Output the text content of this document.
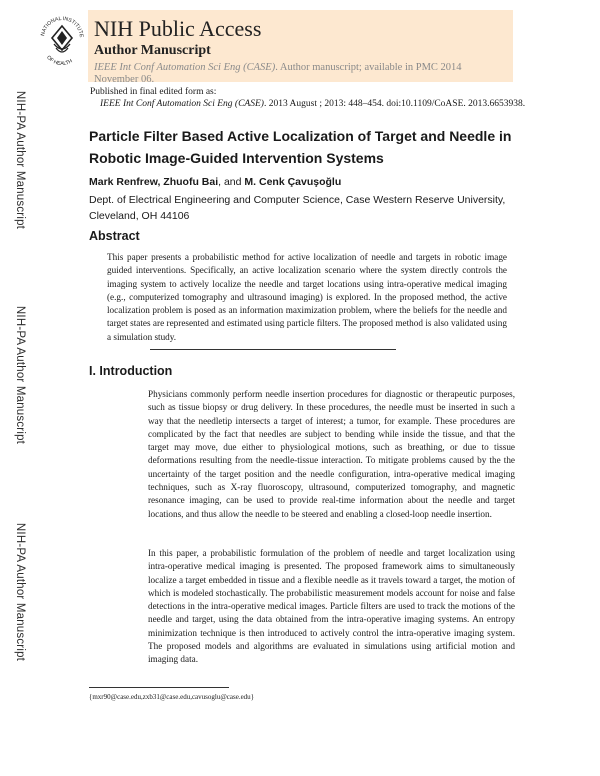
NIH-PA Author Manuscript
NIH-PA Author Manuscript
NIH-PA Author Manuscript
NATIONAL INSTITUTE
OF HEALTH
NIH Public Access
Author Manuscript
IEEE Int Conf Automation Sci Eng (CASE). Author manuscript; available in PMC 2014 November 06.
Published in final edited form as:
IEEE Int Conf Automation Sci Eng (CASE). 2013 August ; 2013: 448–454. doi:10.1109/CoASE. 2013.6653938.
Particle Filter Based Active Localization of Target and Needle in Robotic Image-Guided Intervention Systems
Mark Renfrew, Zhuofu Bai, and M. Cenk Çavuşoğlu
Dept. of Electrical Engineering and Computer Science, Case Western Reserve University, Cleveland, OH 44106
Abstract
This paper presents a probabilistic method for active localization of needle and targets in robotic image guided interventions. Specifically, an active localization scenario where the system directly controls the imaging system to actively localize the needle and target locations using intra-operative medical imaging (e.g., computerized tomography and ultrasound imaging) is explored. In the proposed method, the active localization problem is posed as an information maximization problem, where the beliefs for the needle and target states are represented and estimated using particle filters. The proposed method is also validated using a simulation study.
I. Introduction
Physicians commonly perform needle insertion procedures for diagnostic or therapeutic purposes, such as tissue biopsy or drug delivery. In these procedures, the needle must be inserted in such a way that the needletip intersects a target of interest; a tumor, for example. These procedures are complicated by the fact that needles are subject to bending while inside the tissue, and that the target may move, due either to physiological motions, such as breathing, or due to tissue deformations resulting from the needle-tissue interaction. To mitigate problems caused by the the uncertainty of the target position and the needle configuration, intra-operative medical imaging techniques, such as X-ray fluoroscopy, ultrasound, computerized tomography, and magnetic resonance imaging, can be used to provide real-time information about the needle and target locations, and thus allow the needle to be steered and enabling a closed-loop needle insertion.
In this paper, a probabilistic formulation of the problem of needle and target localization using intra-operative medical imaging is presented. The proposed framework aims to simultaneously localize a target embedded in tissue and a flexible needle as it travels toward a target, the motion of which is modeled stochastically. The probabilistic measurement models account for noise and false detections in the intra-operative medical images. Particle filters are used to track the motions of the needle and target, using the data obtained from the intra-operative imaging systems. An entropy minimization technique is then introduced to actively control the intra-operative imaging system. The proposed models and algorithms are evaluated in simulations using artificial motion and imaging data.
{mxr90@case.edu,zxb31@case.edu,cavusoglu@case.edu}
